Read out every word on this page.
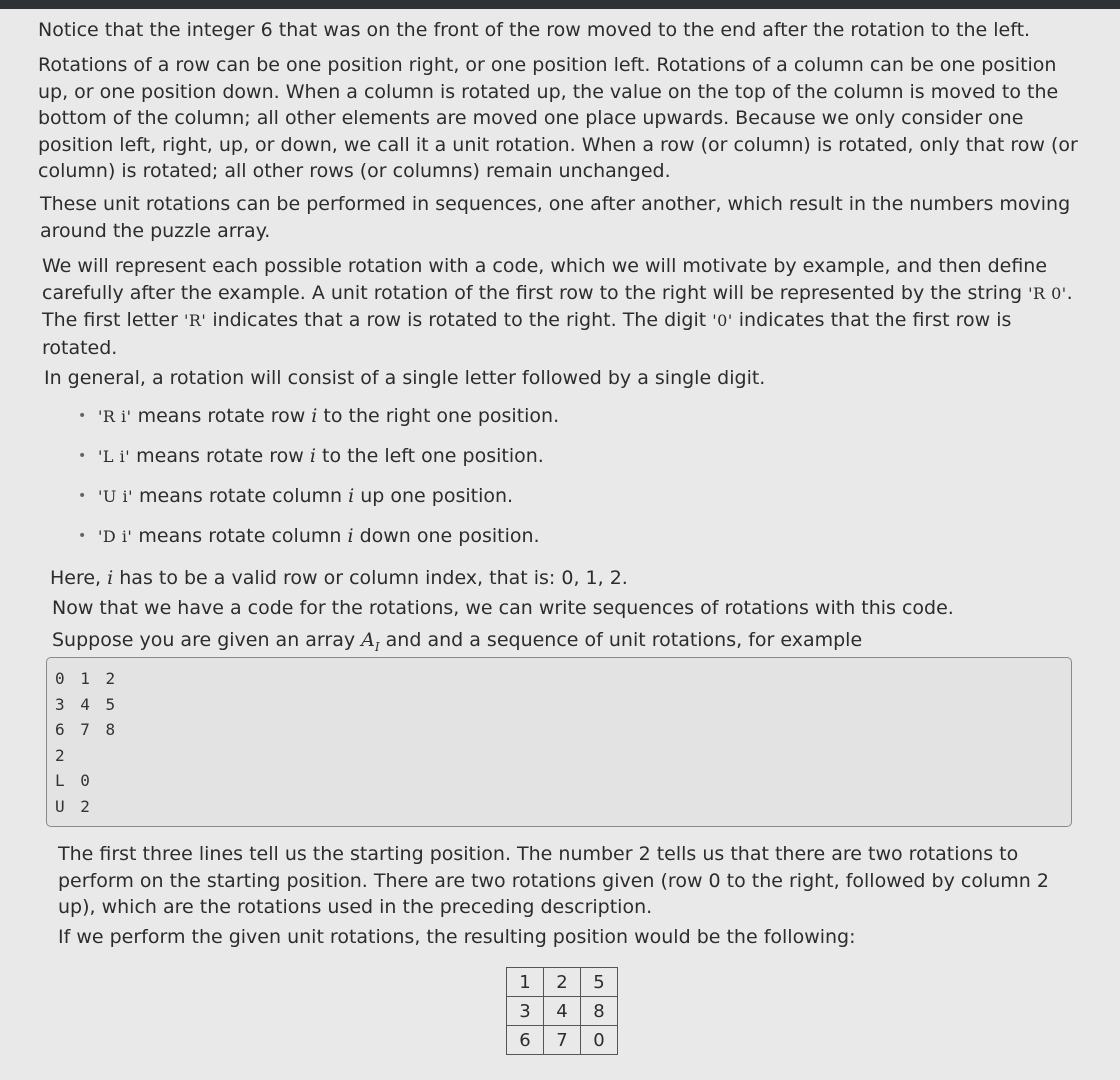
Notice that the integer 6 that was on the front of the row moved to the end after the rotation to the left.

Rotations of a row can be one position right, or one position left. Rotations of a column can be one position up, or one position down. When a column is rotated up, the value on the top of the column is moved to the bottom of the column; all other elements are moved one place upwards. Because we only consider one position left, right, up, or down, we call it a unit rotation. When a row (or column) is rotated, only that row (or column) is rotated; all other rows (or columns) remain unchanged.

These unit rotations can be performed in sequences, one after another, which result in the numbers moving around the puzzle array.

We will represent each possible rotation with a code, which we will motivate by example, and then define carefully after the example. A unit rotation of the first row to the right will be represented by the string 'R 0'. The first letter 'R' indicates that a row is rotated to the right. The digit '0' indicates that the first row is rotated.

In general, a rotation will consist of a single letter followed by a single digit.

• 'R i' means rotate row i to the right one position.
• 'L i' means rotate row i to the left one position.
• 'U i' means rotate column i up one position.
• 'D i' means rotate column i down one position.

Here, i has to be a valid row or column index, that is: 0, 1, 2.

Now that we have a code for the rotations, we can write sequences of rotations with this code.

Suppose you are given an array $A_I$ and and a sequence of unit rotations, for example

0 1 2
3 4 5
6 7 8
2
L 0
U 2

The first three lines tell us the starting position. The number 2 tells us that there are two rotations to perform on the starting position. There are two rotations given (row 0 to the right, followed by column 2 up), which are the rotations used in the preceding description.

If we perform the given unit rotations, the resulting position would be the following:

1	2	5
3	4	8
6	7	0
